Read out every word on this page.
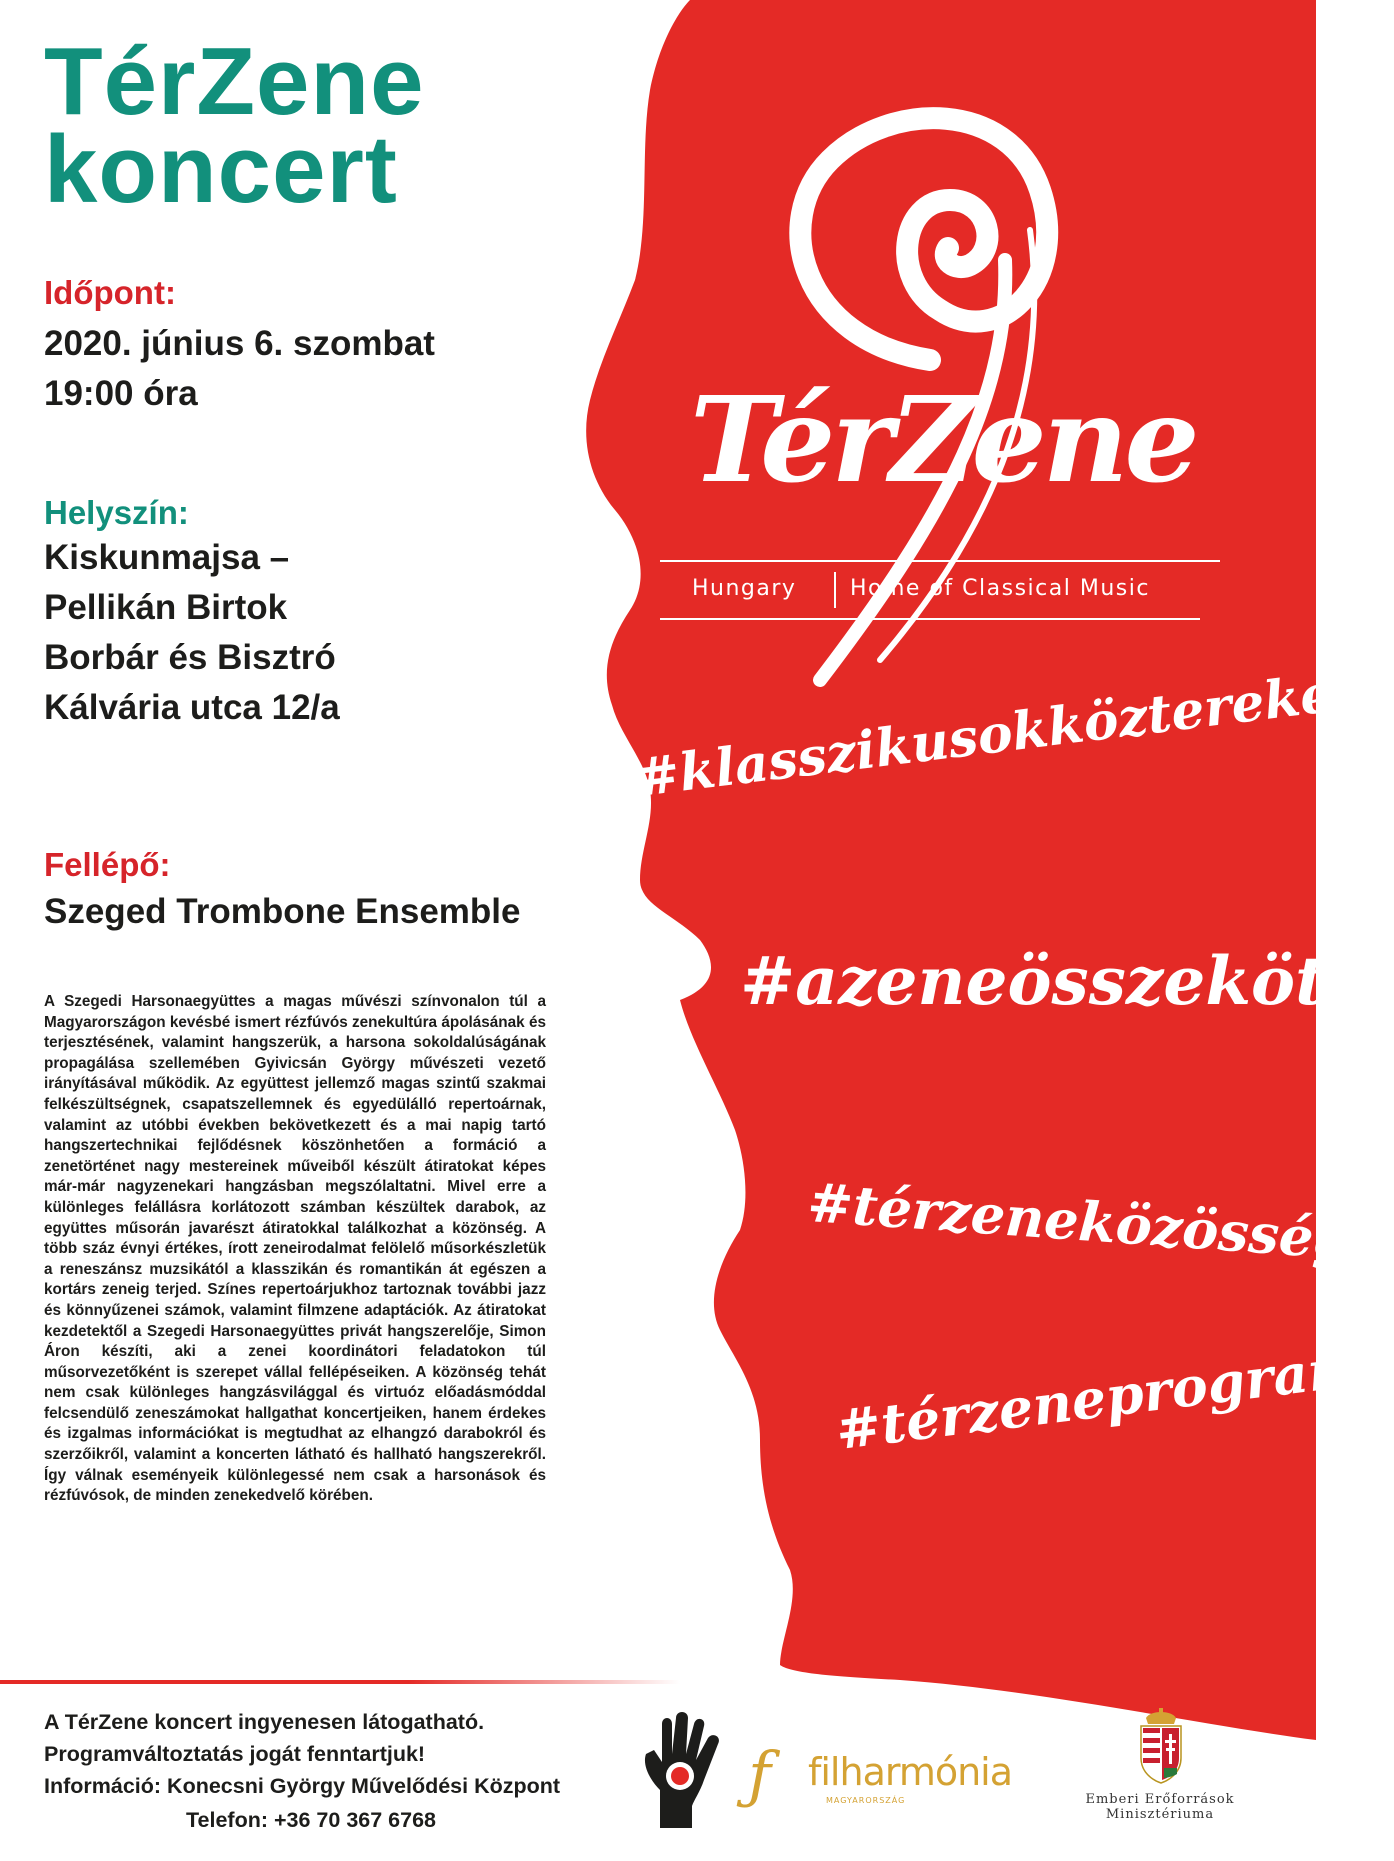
TérZene
Hungary Home of Classical Music
#klasszikusokközterekenl
#azeneösszeköt
#térzeneközösség
#térzeneprogram
TérZene
koncert
Időpont:
2020. június 6. szombat
19:00 óra
Helyszín:
Kiskunmajsa –
Pellikán Birtok
Borbár és Bisztró
Kálvária utca 12/a
Fellépő:
Szeged Trombone Ensemble
A Szegedi Harsonaegyüttes a magas művészi színvonalon túl a Magyarországon kevésbé ismert rézfúvós zenekultúra ápolásának és terjesztésének, valamint hangszerük, a harsona sokoldalúságának propagálása szellemében Gyivicsán György művészeti vezető irányításával működik. Az együttest jellemző magas szintű szakmai felkészültségnek, csapatszellemnek és egyedülálló repertoárnak, valamint az utóbbi években bekövetkezett és a mai napig tartó hangszertechnikai fejlődésnek köszönhetően a formáció a zenetörténet nagy mestereinek műveiből készült átiratokat képes már-már nagyzenekari hangzásban megszólaltatni. Mivel erre a különleges felállásra korlátozott számban készültek darabok, az együttes műsorán javarészt átiratokkal találkozhat a közönség. A több száz évnyi értékes, írott zeneirodalmat felölelő műsorkészletük a reneszánsz muzsikától a klasszikán és romantikán át egészen a kortárs zeneig terjed. Színes repertoárjukhoz tartoznak további jazz és könnyűzenei számok, valamint filmzene adaptációk. Az átiratokat kezdetektől a Szegedi Harsonaegyüttes privát hangszerelője, Simon Áron készíti, aki a zenei koordinátori feladatokon túl műsorvezetőként is szerepet vállal fellépéseiken. A közönség tehát nem csak különleges hangzásvilággal és virtuóz előadásmóddal felcsendülő zeneszámokat hallgathat koncertjeiken, hanem érdekes és izgalmas információkat is megtudhat az elhangzó darabokról és szerzőikről, valamint a koncerten látható és hallható hangszerekről. Így válnak eseményeik különlegessé nem csak a harsonások és rézfúvósok, de minden zenekedvelő körében.
A TérZene koncert ingyenesen látogatható.
Programváltoztatás jogát fenntartjuk!
Információ: Konecsni György Művelődési Központ
Telefon: +36 70 367 6768
ƒ filharmónia
MAGYARORSZÁG	Emberi Erőforrások
Minisztériuma
